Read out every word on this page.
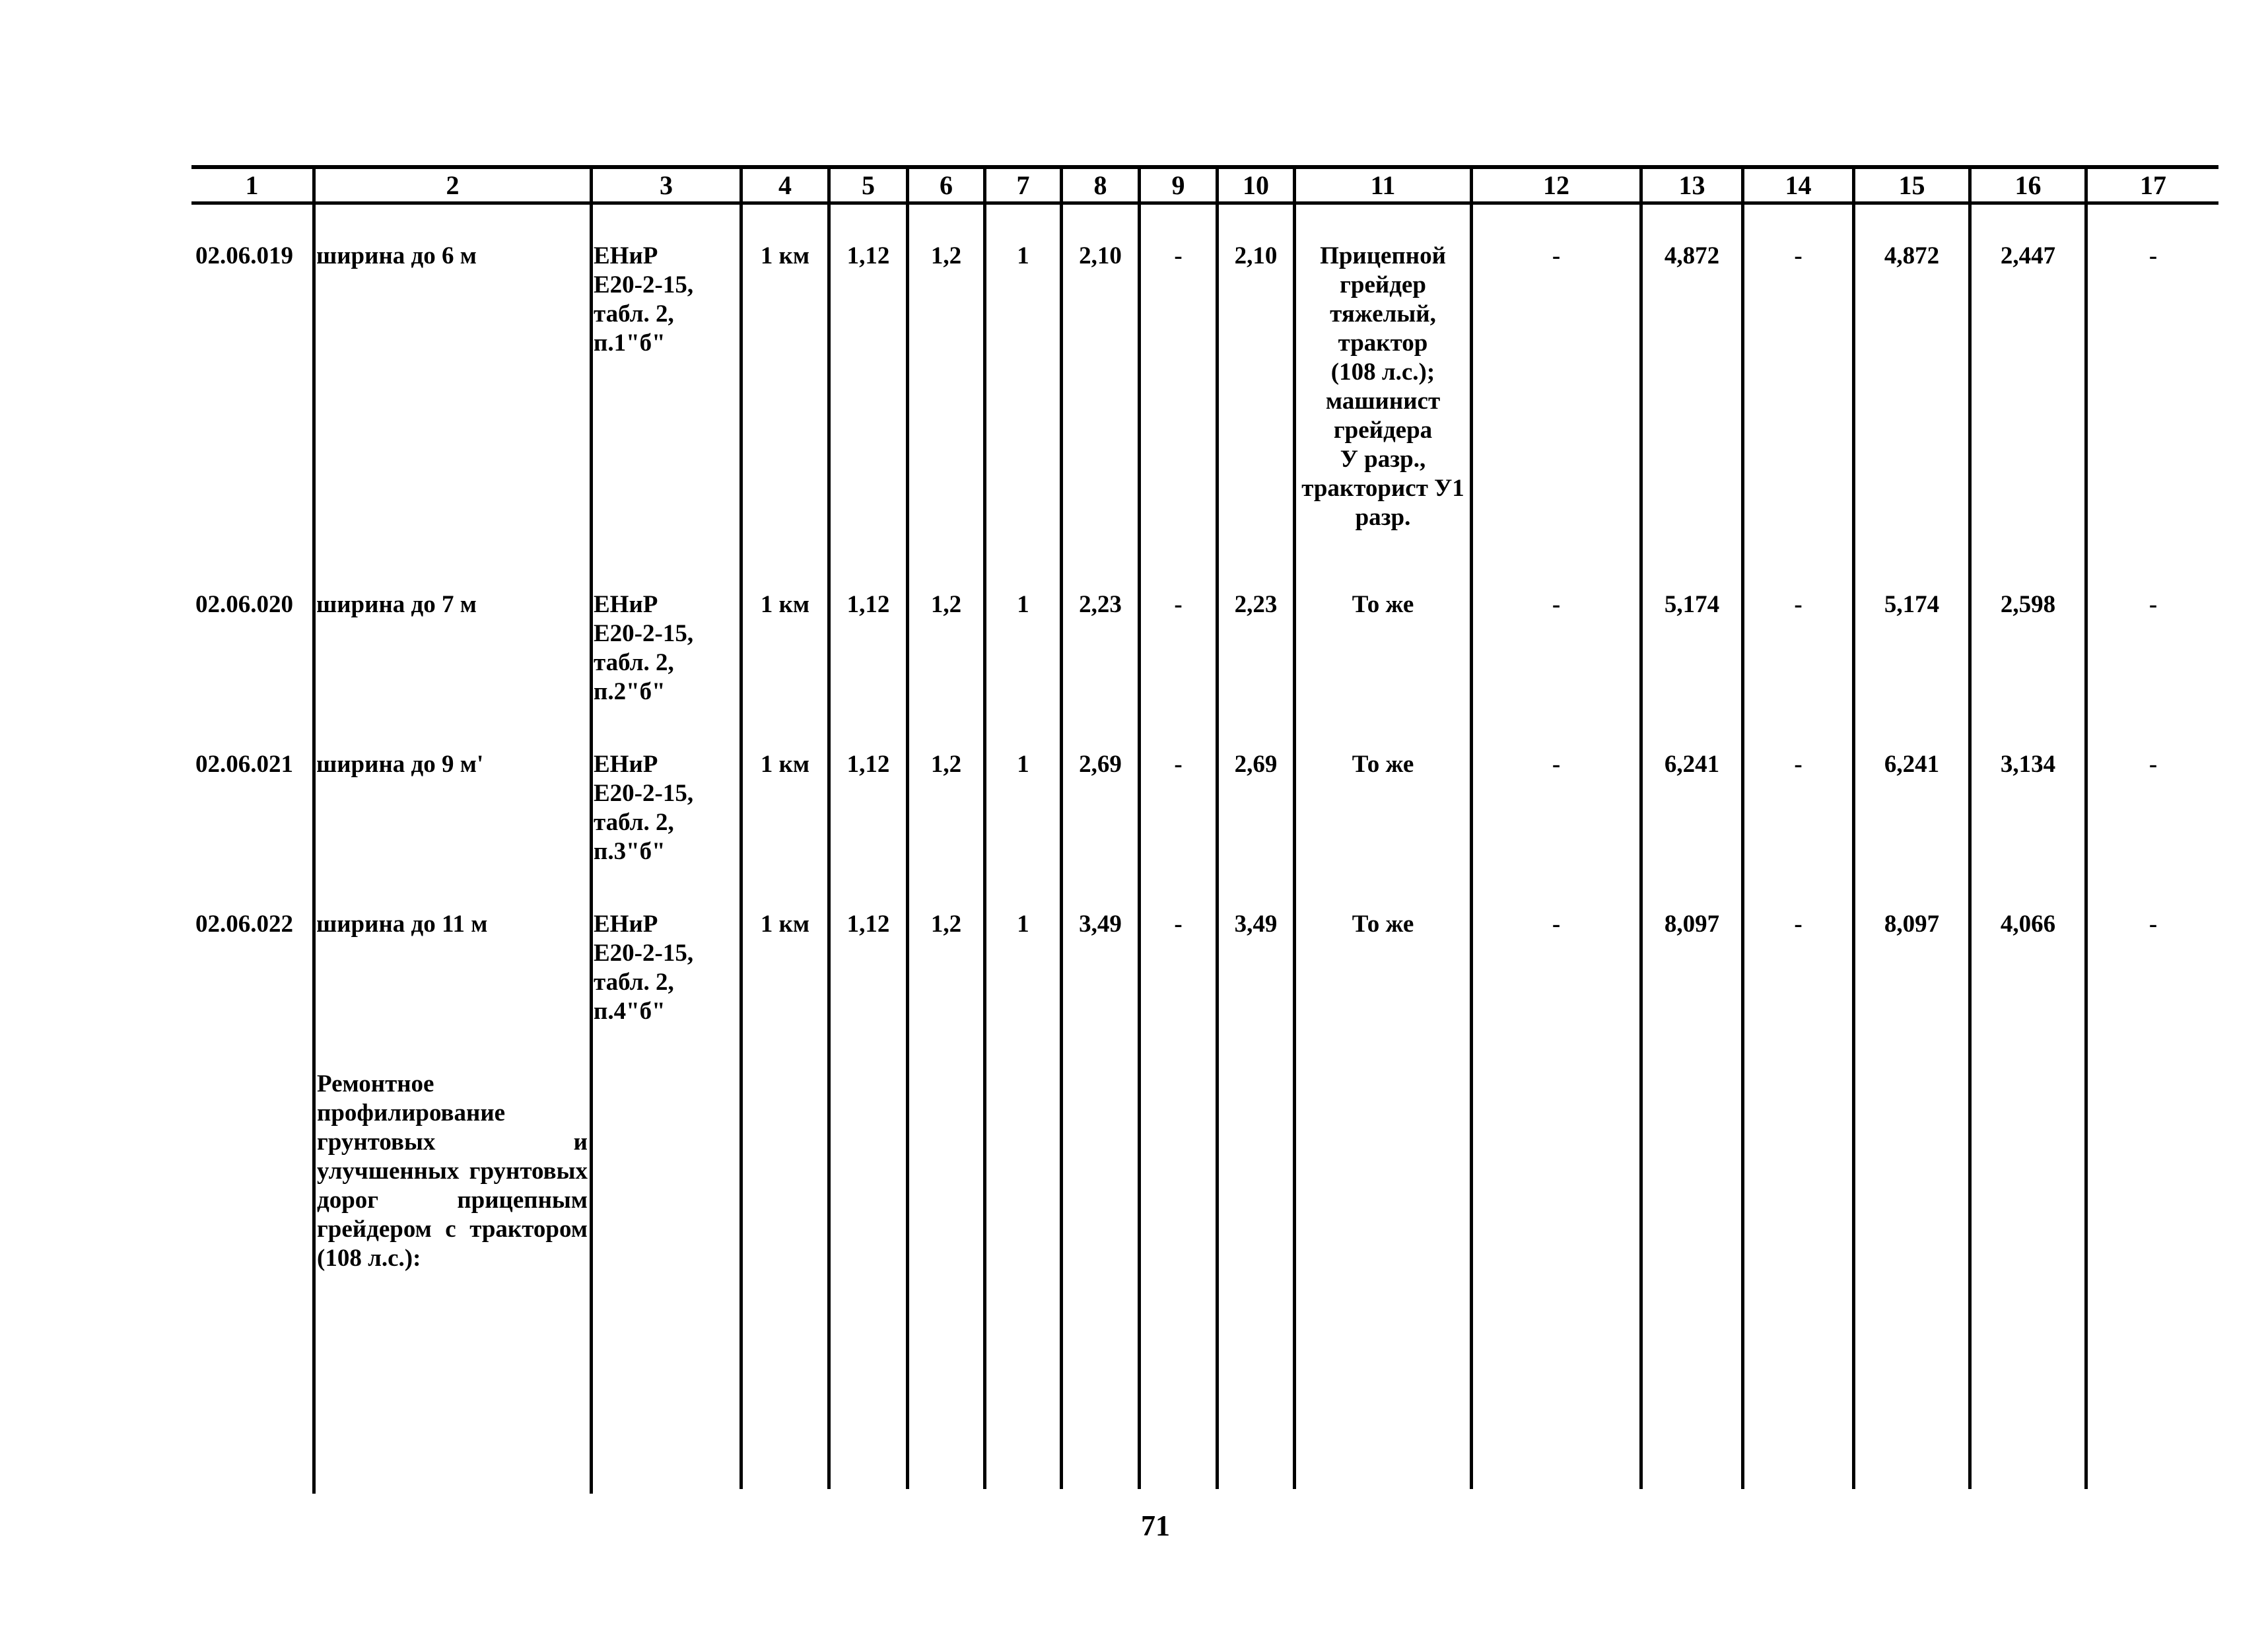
1	2	3	4	5	6	7	8	9	10	11	12	13	14	15	16	17
02.06.019 ширина до 6 м	ЕНиР
Е20-2-15,
табл. 2,
п.1"б"
1 км	1,12	1,2	1	2,10	-	2,10	Прицепной
грейдер
тяжелый,
трактор
(108 л.с.);
машинист
грейдера
У разр.,
тракторист У1
разр.
-	4,872	-	4,872	2,447	-
02.06.020 ширина до 7 м	ЕНиР
Е20-2-15,
табл. 2,
п.2"б"
1 км	1,12	1,2	1	2,23	-	2,23	То же	-	5,174	-	5,174	2,598	-
02.06.021 ширина до 9 м'	ЕНиР
Е20-2-15,
табл. 2,
п.3"б"
1 км	1,12	1,2	1	2,69	-	2,69	То же	-	6,241	-	6,241	3,134	-
02.06.022 ширина до 11 м	ЕНиР
Е20-2-15,
табл. 2,
п.4"б"
1 км	1,12	1,2	1	3,49	-	3,49	То же	-	8,097	-	8,097	4,066	-
Ремонтное профилирование грунтовых и улучшенных грунтовых дорог прицепным грейдером с трактором (108 л.с.):
71
